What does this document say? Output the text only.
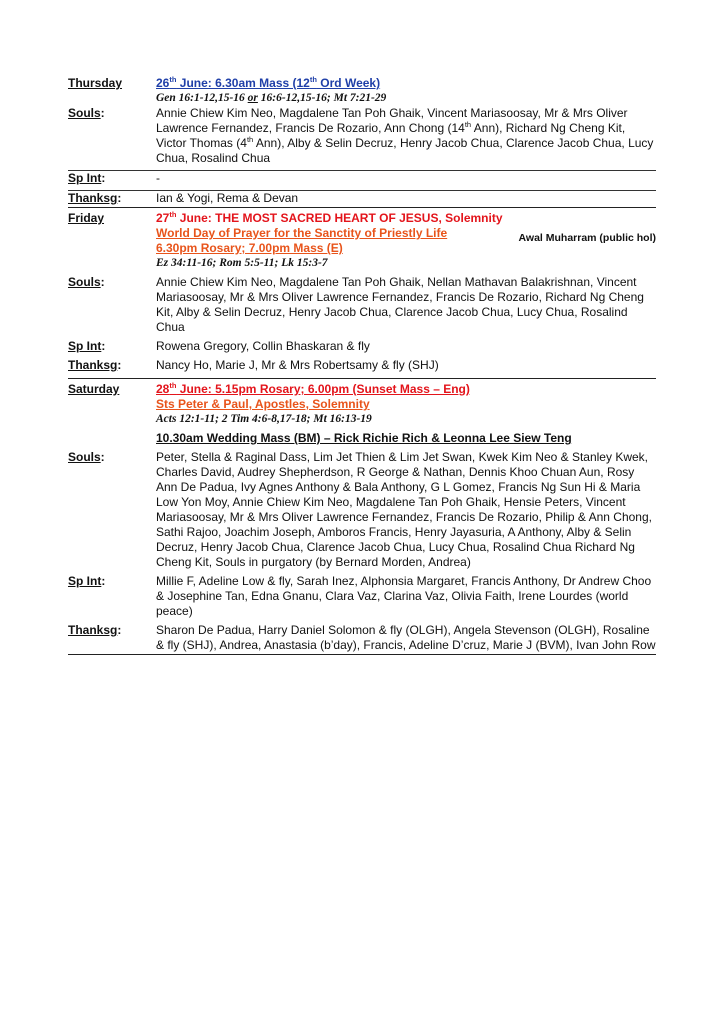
Thursday	26th June: 6.30am Mass (12th Ord Week)
Gen 16:1-12,15-16 or 16:6-12,15-16; Mt 7:21-29
Souls:	Annie Chiew Kim Neo, Magdalene Tan Poh Ghaik, Vincent Mariasoosay, Mr & Mrs Oliver Lawrence Fernandez, Francis De Rozario, Ann Chong (14th Ann), Richard Ng Cheng Kit, Victor Thomas (4th Ann), Alby & Selin Decruz, Henry Jacob Chua, Clarence Jacob Chua, Lucy Chua, Rosalind Chua
Sp Int:	-
Thanksg:	Ian & Yogi, Rema & Devan
Friday	27th June: THE MOST SACRED HEART OF JESUS, Solemnity
Awal Muharram (public hol)
World Day of Prayer for the Sanctity of Priestly Life
6.30pm Rosary; 7.00pm Mass (E)
Ez 34:11-16; Rom 5:5-11; Lk 15:3-7
Souls:	Annie Chiew Kim Neo, Magdalene Tan Poh Ghaik, Nellan Mathavan Balakrishnan, Vincent Mariasoosay, Mr & Mrs Oliver Lawrence Fernandez, Francis De Rozario, Richard Ng Cheng Kit, Alby & Selin Decruz, Henry Jacob Chua, Clarence Jacob Chua, Lucy Chua, Rosalind Chua
Sp Int:	Rowena Gregory, Collin Bhaskaran & fly
Thanksg:	Nancy Ho, Marie J, Mr & Mrs Robertsamy & fly (SHJ)
Saturday	28th June: 5.15pm Rosary; 6.00pm (Sunset Mass – Eng)
Sts Peter & Paul, Apostles, Solemnity
Acts 12:1-11; 2 Tim 4:6-8,17-18; Mt 16:13-19
10.30am Wedding Mass (BM) – Rick Richie Rich & Leonna Lee Siew Teng
Souls:	Peter, Stella & Raginal Dass, Lim Jet Thien & Lim Jet Swan, Kwek Kim Neo & Stanley Kwek, Charles David, Audrey Shepherdson, R George & Nathan, Dennis Khoo Chuan Aun, Rosy Ann De Padua, Ivy Agnes Anthony & Bala Anthony, G L Gomez, Francis Ng Sun Hi & Maria Low Yon Moy, Annie Chiew Kim Neo, Magdalene Tan Poh Ghaik, Hensie Peters, Vincent Mariasoosay, Mr & Mrs Oliver Lawrence Fernandez, Francis De Rozario, Philip & Ann Chong, Sathi Rajoo, Joachim Joseph, Amboros Francis, Henry Jayasuria, A Anthony, Alby & Selin Decruz, Henry Jacob Chua, Clarence Jacob Chua, Lucy Chua, Rosalind Chua Richard Ng Cheng Kit, Souls in purgatory (by Bernard Morden, Andrea)
Sp Int:	Millie F, Adeline Low & fly, Sarah Inez, Alphonsia Margaret, Francis Anthony, Dr Andrew Choo & Josephine Tan, Edna Gnanu, Clara Vaz, Clarina Vaz, Olivia Faith, Irene Lourdes (world peace)
Thanksg:	Sharon De Padua, Harry Daniel Solomon & fly (OLGH), Angela Stevenson (OLGH), Rosaline & fly (SHJ), Andrea, Anastasia (b’day), Francis, Adeline D’cruz, Marie J (BVM), Ivan John Row
